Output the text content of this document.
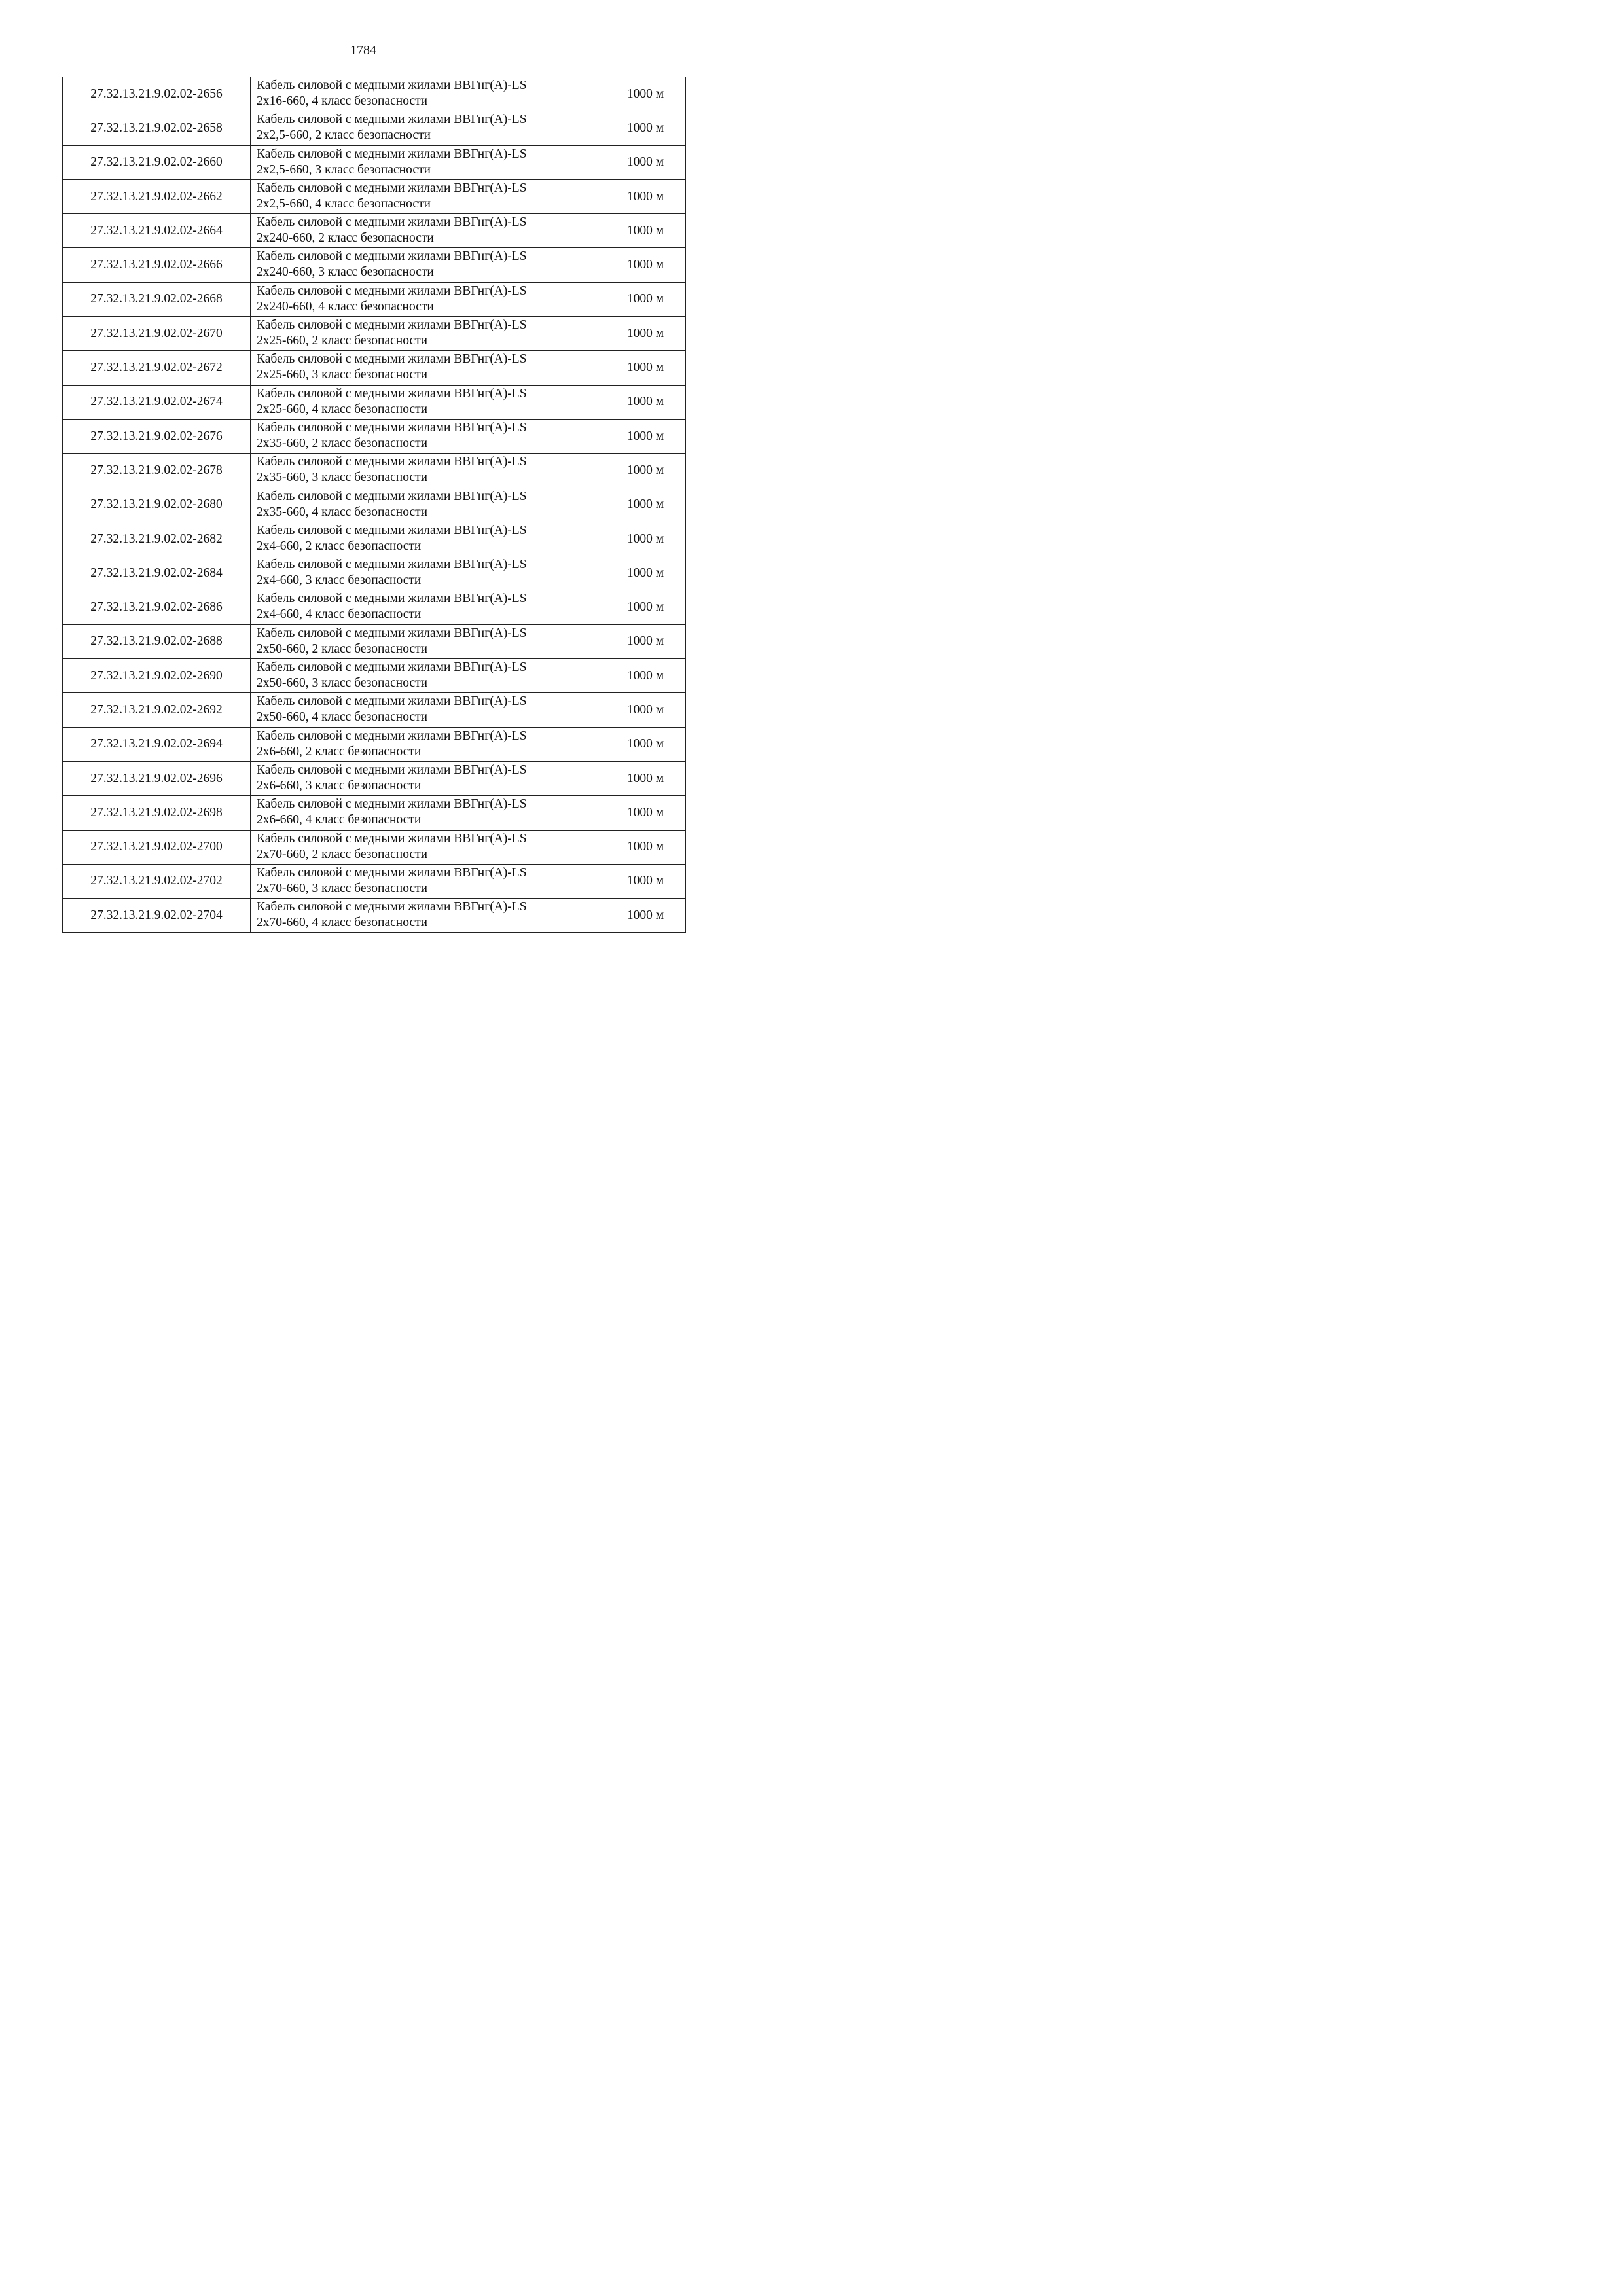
1784
27.32.13.21.9.02.02-2656	Кабель силовой с медными жилами ВВГнг(А)-LS
2x16-660, 4 класс безопасности	1000 м
27.32.13.21.9.02.02-2658	Кабель силовой с медными жилами ВВГнг(А)-LS
2x2,5-660, 2 класс безопасности	1000 м
27.32.13.21.9.02.02-2660	Кабель силовой с медными жилами ВВГнг(А)-LS
2x2,5-660, 3 класс безопасности	1000 м
27.32.13.21.9.02.02-2662	Кабель силовой с медными жилами ВВГнг(А)-LS
2x2,5-660, 4 класс безопасности	1000 м
27.32.13.21.9.02.02-2664	Кабель силовой с медными жилами ВВГнг(А)-LS
2x240-660, 2 класс безопасности	1000 м
27.32.13.21.9.02.02-2666	Кабель силовой с медными жилами ВВГнг(А)-LS
2x240-660, 3 класс безопасности	1000 м
27.32.13.21.9.02.02-2668	Кабель силовой с медными жилами ВВГнг(А)-LS
2x240-660, 4 класс безопасности	1000 м
27.32.13.21.9.02.02-2670	Кабель силовой с медными жилами ВВГнг(А)-LS
2x25-660, 2 класс безопасности	1000 м
27.32.13.21.9.02.02-2672	Кабель силовой с медными жилами ВВГнг(А)-LS
2x25-660, 3 класс безопасности	1000 м
27.32.13.21.9.02.02-2674	Кабель силовой с медными жилами ВВГнг(А)-LS
2x25-660, 4 класс безопасности	1000 м
27.32.13.21.9.02.02-2676	Кабель силовой с медными жилами ВВГнг(А)-LS
2x35-660, 2 класс безопасности	1000 м
27.32.13.21.9.02.02-2678	Кабель силовой с медными жилами ВВГнг(А)-LS
2x35-660, 3 класс безопасности	1000 м
27.32.13.21.9.02.02-2680	Кабель силовой с медными жилами ВВГнг(А)-LS
2x35-660, 4 класс безопасности	1000 м
27.32.13.21.9.02.02-2682	Кабель силовой с медными жилами ВВГнг(А)-LS
2x4-660, 2 класс безопасности	1000 м
27.32.13.21.9.02.02-2684	Кабель силовой с медными жилами ВВГнг(А)-LS
2x4-660, 3 класс безопасности	1000 м
27.32.13.21.9.02.02-2686	Кабель силовой с медными жилами ВВГнг(А)-LS
2x4-660, 4 класс безопасности	1000 м
27.32.13.21.9.02.02-2688	Кабель силовой с медными жилами ВВГнг(А)-LS
2x50-660, 2 класс безопасности	1000 м
27.32.13.21.9.02.02-2690	Кабель силовой с медными жилами ВВГнг(А)-LS
2x50-660, 3 класс безопасности	1000 м
27.32.13.21.9.02.02-2692	Кабель силовой с медными жилами ВВГнг(А)-LS
2x50-660, 4 класс безопасности	1000 м
27.32.13.21.9.02.02-2694	Кабель силовой с медными жилами ВВГнг(А)-LS
2x6-660, 2 класс безопасности	1000 м
27.32.13.21.9.02.02-2696	Кабель силовой с медными жилами ВВГнг(А)-LS
2x6-660, 3 класс безопасности	1000 м
27.32.13.21.9.02.02-2698	Кабель силовой с медными жилами ВВГнг(А)-LS
2x6-660, 4 класс безопасности	1000 м
27.32.13.21.9.02.02-2700	Кабель силовой с медными жилами ВВГнг(А)-LS
2x70-660, 2 класс безопасности	1000 м
27.32.13.21.9.02.02-2702	Кабель силовой с медными жилами ВВГнг(А)-LS
2x70-660, 3 класс безопасности	1000 м
27.32.13.21.9.02.02-2704	Кабель силовой с медными жилами ВВГнг(А)-LS
2x70-660, 4 класс безопасности	1000 м
